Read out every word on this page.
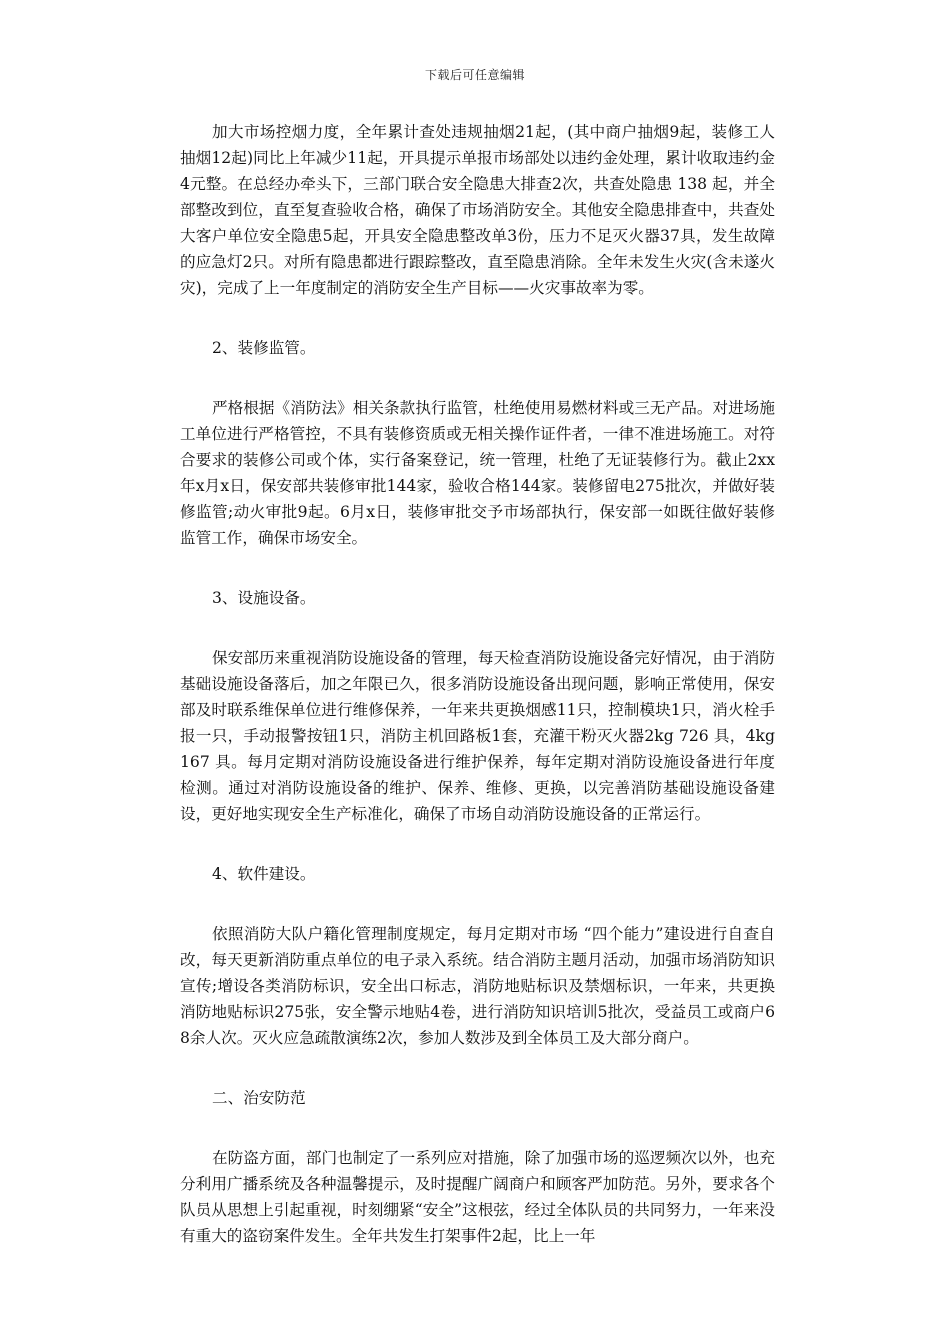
下载后可任意编辑

加大市场控烟力度，全年累计查处违规抽烟21起，(其中商户抽烟9起，装修工人抽烟12起)同比上年减少11起，开具提示单报市场部处以违约金处理，累计收取违约金4元整。在总经办牵头下，三部门联合安全隐患大排查2次，共查处隐患 138 起，并全部整改到位，直至复查验收合格，确保了市场消防安全。其他安全隐患排查中，共查处大客户单位安全隐患5起，开具安全隐患整改单3份，压力不足灭火器37具，发生故障的应急灯2只。对所有隐患都进行跟踪整改，直至隐患消除。全年未发生火灾(含未遂火灾)，完成了上一年度制定的消防安全生产目标——火灾事故率为零。

2、装修监管。

严格根据《消防法》相关条款执行监管，杜绝使用易燃材料或三无产品。对进场施工单位进行严格管控，不具有装修资质或无相关操作证件者，一律不准进场施工。对符合要求的装修公司或个体，实行备案登记，统一管理，杜绝了无证装修行为。截止2xx年x月x日，保安部共装修审批144家，验收合格144家。装修留电275批次，并做好装修监管;动火审批9起。6月x日，装修审批交予市场部执行，保安部一如既往做好装修监管工作，确保市场安全。

3、设施设备。

保安部历来重视消防设施设备的管理，每天检查消防设施设备完好情况，由于消防基础设施设备落后，加之年限已久，很多消防设施设备出现问题，影响正常使用，保安部及时联系维保单位进行维修保养，一年来共更换烟感11只，控制模块1只，消火栓手报一只，手动报警按钮1只，消防主机回路板1套，充灌干粉灭火器2kg 726 具，4kg 167 具。每月定期对消防设施设备进行维护保养，每年定期对消防设施设备进行年度检测。通过对消防设施设备的维护、保养、维修、更换，以完善消防基础设施设备建设，更好地实现安全生产标准化，确保了市场自动消防设施设备的正常运行。

4、软件建设。

依照消防大队户籍化管理制度规定，每月定期对市场 “四个能力”建设进行自查自改，每天更新消防重点单位的电子录入系统。结合消防主题月活动，加强市场消防知识宣传;增设各类消防标识，安全出口标志，消防地贴标识及禁烟标识，一年来，共更换消防地贴标识275张，安全警示地贴4卷，进行消防知识培训5批次，受益员工或商户68余人次。灭火应急疏散演练2次，参加人数涉及到全体员工及大部分商户。

二、治安防范

在防盗方面，部门也制定了一系列应对措施，除了加强市场的巡逻频次以外，也充分利用广播系统及各种温馨提示，及时提醒广阔商户和顾客严加防范。另外，要求各个队员从思想上引起重视，时刻绷紧“安全”这根弦，经过全体队员的共同努力，一年来没有重大的盗窃案件发生。全年共发生打架事件2起，比上一年
